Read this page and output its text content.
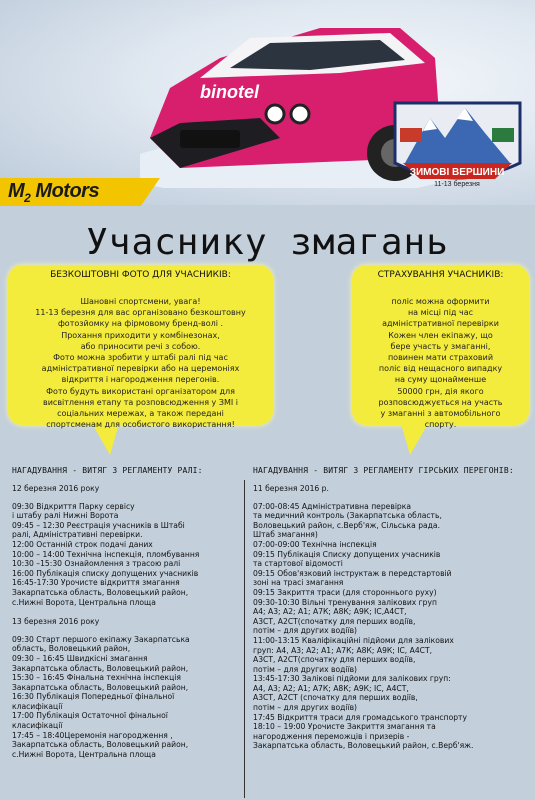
binotel
ЗИМОВІ ВЕРШИНИ
11-13 березня
$M_2$ Motors
Учаснику змагань
БЕЗКОШТОВНІ ФОТО ДЛЯ УЧАСНИКІВ:

Шановні спортсмени, увага!

11-13 березня для вас організовано безкоштовну

фотозйомку на фірмовому бренд-волі .

Прохання приходити у комбінезонах,

або приносити речі з собою.

Фото можна зробити у штабі ралі під час

адміністративної перевірки або на церемоніях

відкриття і нагородження перегонів.

Фото будуть використані організатором для

висвітлення етапу та розповсюдження у ЗМІ і

соціальних мережах, а також передані

спортсменам для особистого використання!

СТРАХУВАННЯ УЧАСНИКІВ:

поліс можна оформити

на місці під час

адміністративної перевірки

Кожен член екіпажу, що

бере участь у змаганні,

повинен мати страховий

поліс від нещасного випадку

на суму щонайменше

50000 грн, дія якого

розповсюджується на участь

у змаганні з автомобільного

спорту.

НАГАДУВАННЯ - ВИТЯГ З РЕГЛАМЕНТУ РАЛІ:
12 березня 2016 року
09:30 Відкриття Парку сервісу
і штабу ралі Нижні Ворота
09:45 – 12:30 Реєстрація учасників в Штабі
ралі, Адміністративні перевірки.
12:00 Останній строк подачі даних
10:00 – 14:00 Технічна інспекція, пломбування
10:30 –15:30 Ознайомлення з трасою ралі
16:00 Публікація списку допущених учасників
16:45-17:30 Урочисте відкриття змагання
Закарпатська область, Воловецький район,
с.Нижні Ворота, Центральна площа
13 березня 2016 року
09:30 Старт першого екіпажу Закарпатська
область, Воловецький район,
09:30 – 16:45 Швидкісні змагання
Закарпатська область, Воловецький район,
15:30 – 16:45 Фінальна технічна інспекція
Закарпатська область, Воловецький район,
16:30 Публікація Попередньої фінальної
класифікації
17:00 Публікація Остаточної фінальної
класифікації
17:45 – 18:40Церемонія нагородження ,
Закарпатська область, Воловецький район,
с.Нижні Ворота, Центральна площа
НАГАДУВАННЯ - ВИТЯГ З РЕГЛАМЕНТУ ГІРСЬКИХ ПЕРЕГОНІВ:
11 березня 2016 р.
07:00-08:45 Адміністративна перевірка
та медичний контроль (Закарпатська область,
Воловецький район, с.Верб'яж, Сільська рада.
Штаб змагання)
07:00-09:00 Технічна інспекція
09:15 Публікація Списку допущених учасників
та стартової відомості
09:15 Обов'язковий інструктаж в передстартовій
зоні на трасі змагання
09:15 Закриття траси (для стороннього руху)
09:30-10:30 Вільні тренування залікових груп
А4; А3; А2; А1; А7К; А8К; А9К; ІС,А4СТ,
А3СТ, А2СТ(спочатку для перших водіїв,
потім – для других водіїв)
11:00-13:15 Кваліфікаційні підйоми для залікових
груп: А4, А3; А2; А1; А7К; А8К; А9К; ІС, А4СТ,
А3СТ, А2СТ(спочатку для перших водіїв,
потім – для других водіїв)
13:45-17:30 Залікові підйоми для залікових груп:
А4, А3; А2; А1; А7К; А8К; А9К; ІС, А4СТ,
А3СТ, А2СТ (спочатку для перших водіїв,
потім – для других водіїв)
17:45 Відкриття траси для громадського транспорту
18:10 – 19:00 Урочисте Закриття змагання та
нагородження переможців і призерів -
Закарпатська область, Воловецький район, с.Верб'яж.
